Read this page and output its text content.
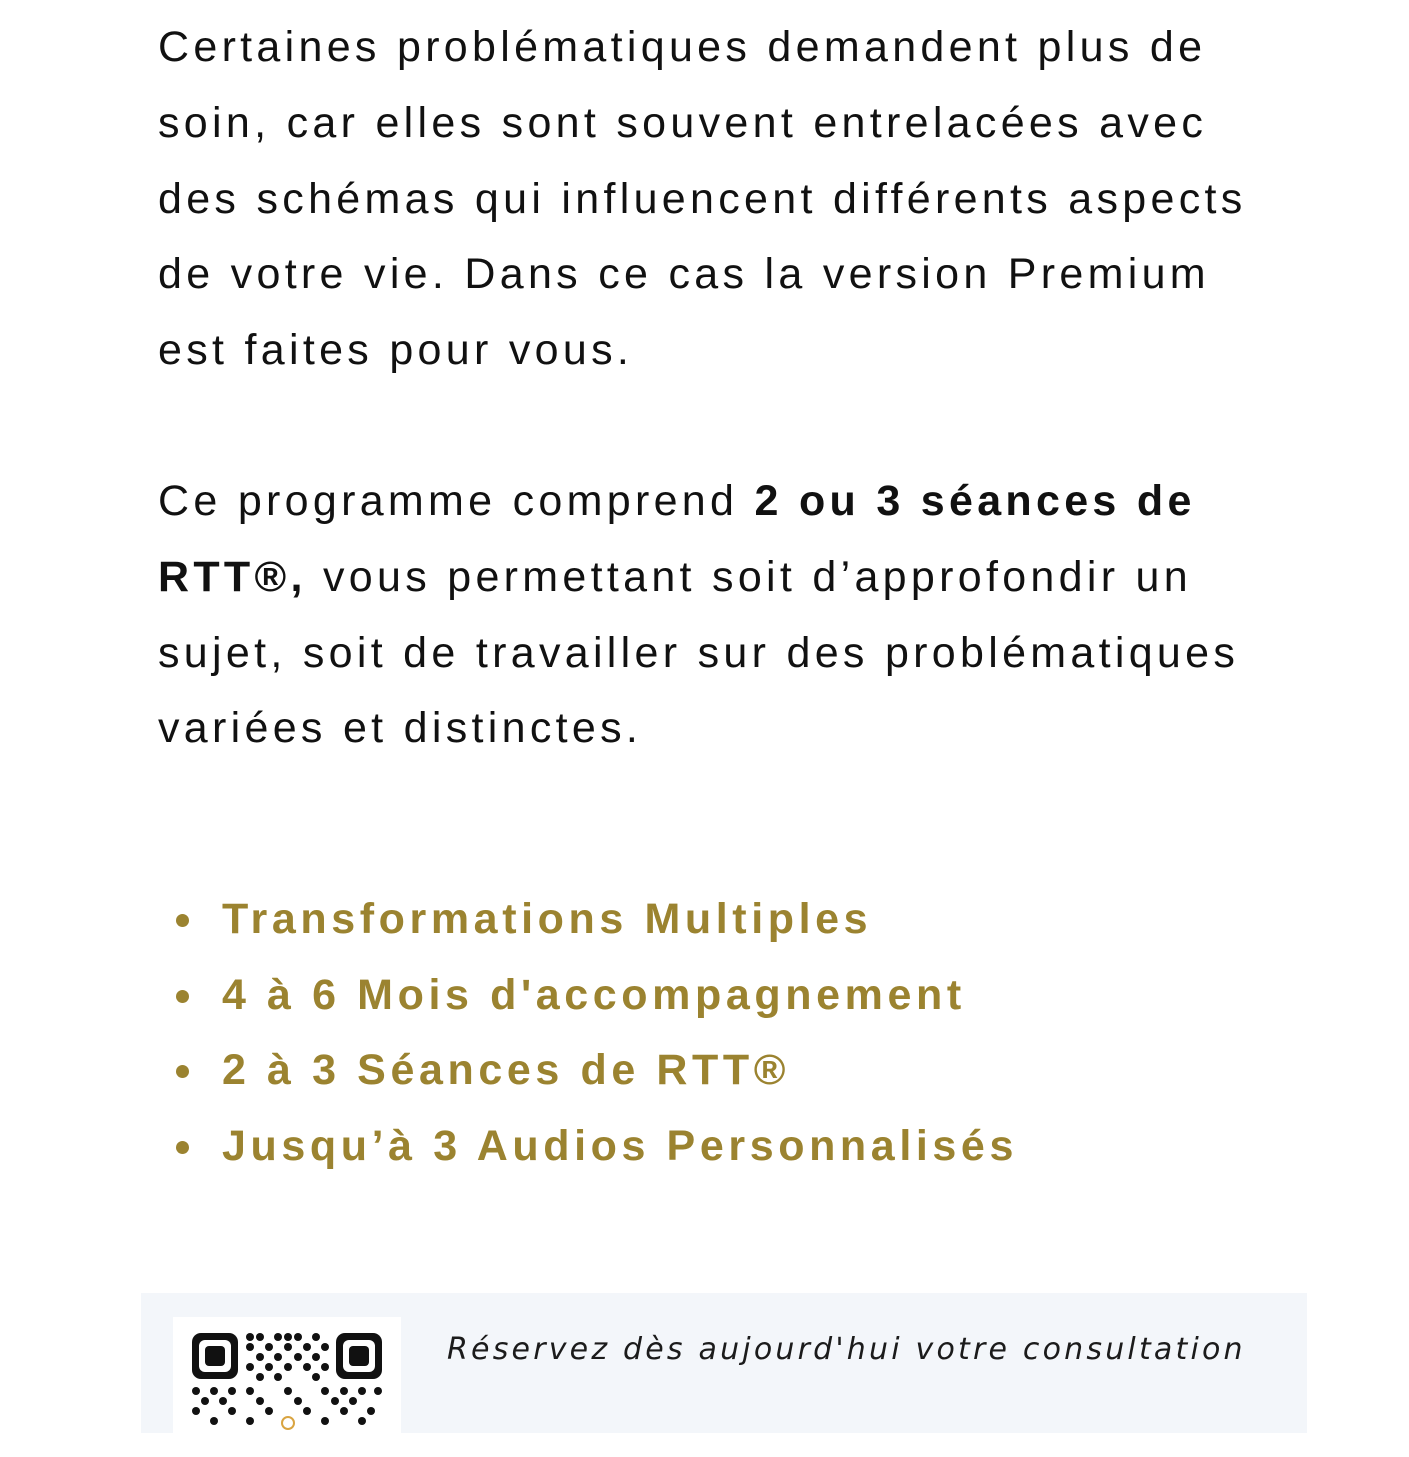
Certaines problématiques demandent plus de soin, car elles sont souvent entrelacées avec des schémas qui influencent différents aspects de votre vie. Dans ce cas la version Premium est faites pour vous.

Ce programme comprend 2 ou 3 séances de RTT®, vous permettant soit d’approfondir un sujet, soit de travailler sur des problématiques variées et distinctes.

Transformations Multiples
4 à 6 Mois d'accompagnement
2 à 3 Séances de RTT®
Jusqu’à 3 Audios Personnalisés
Réservez dès aujourd'hui votre consultation
